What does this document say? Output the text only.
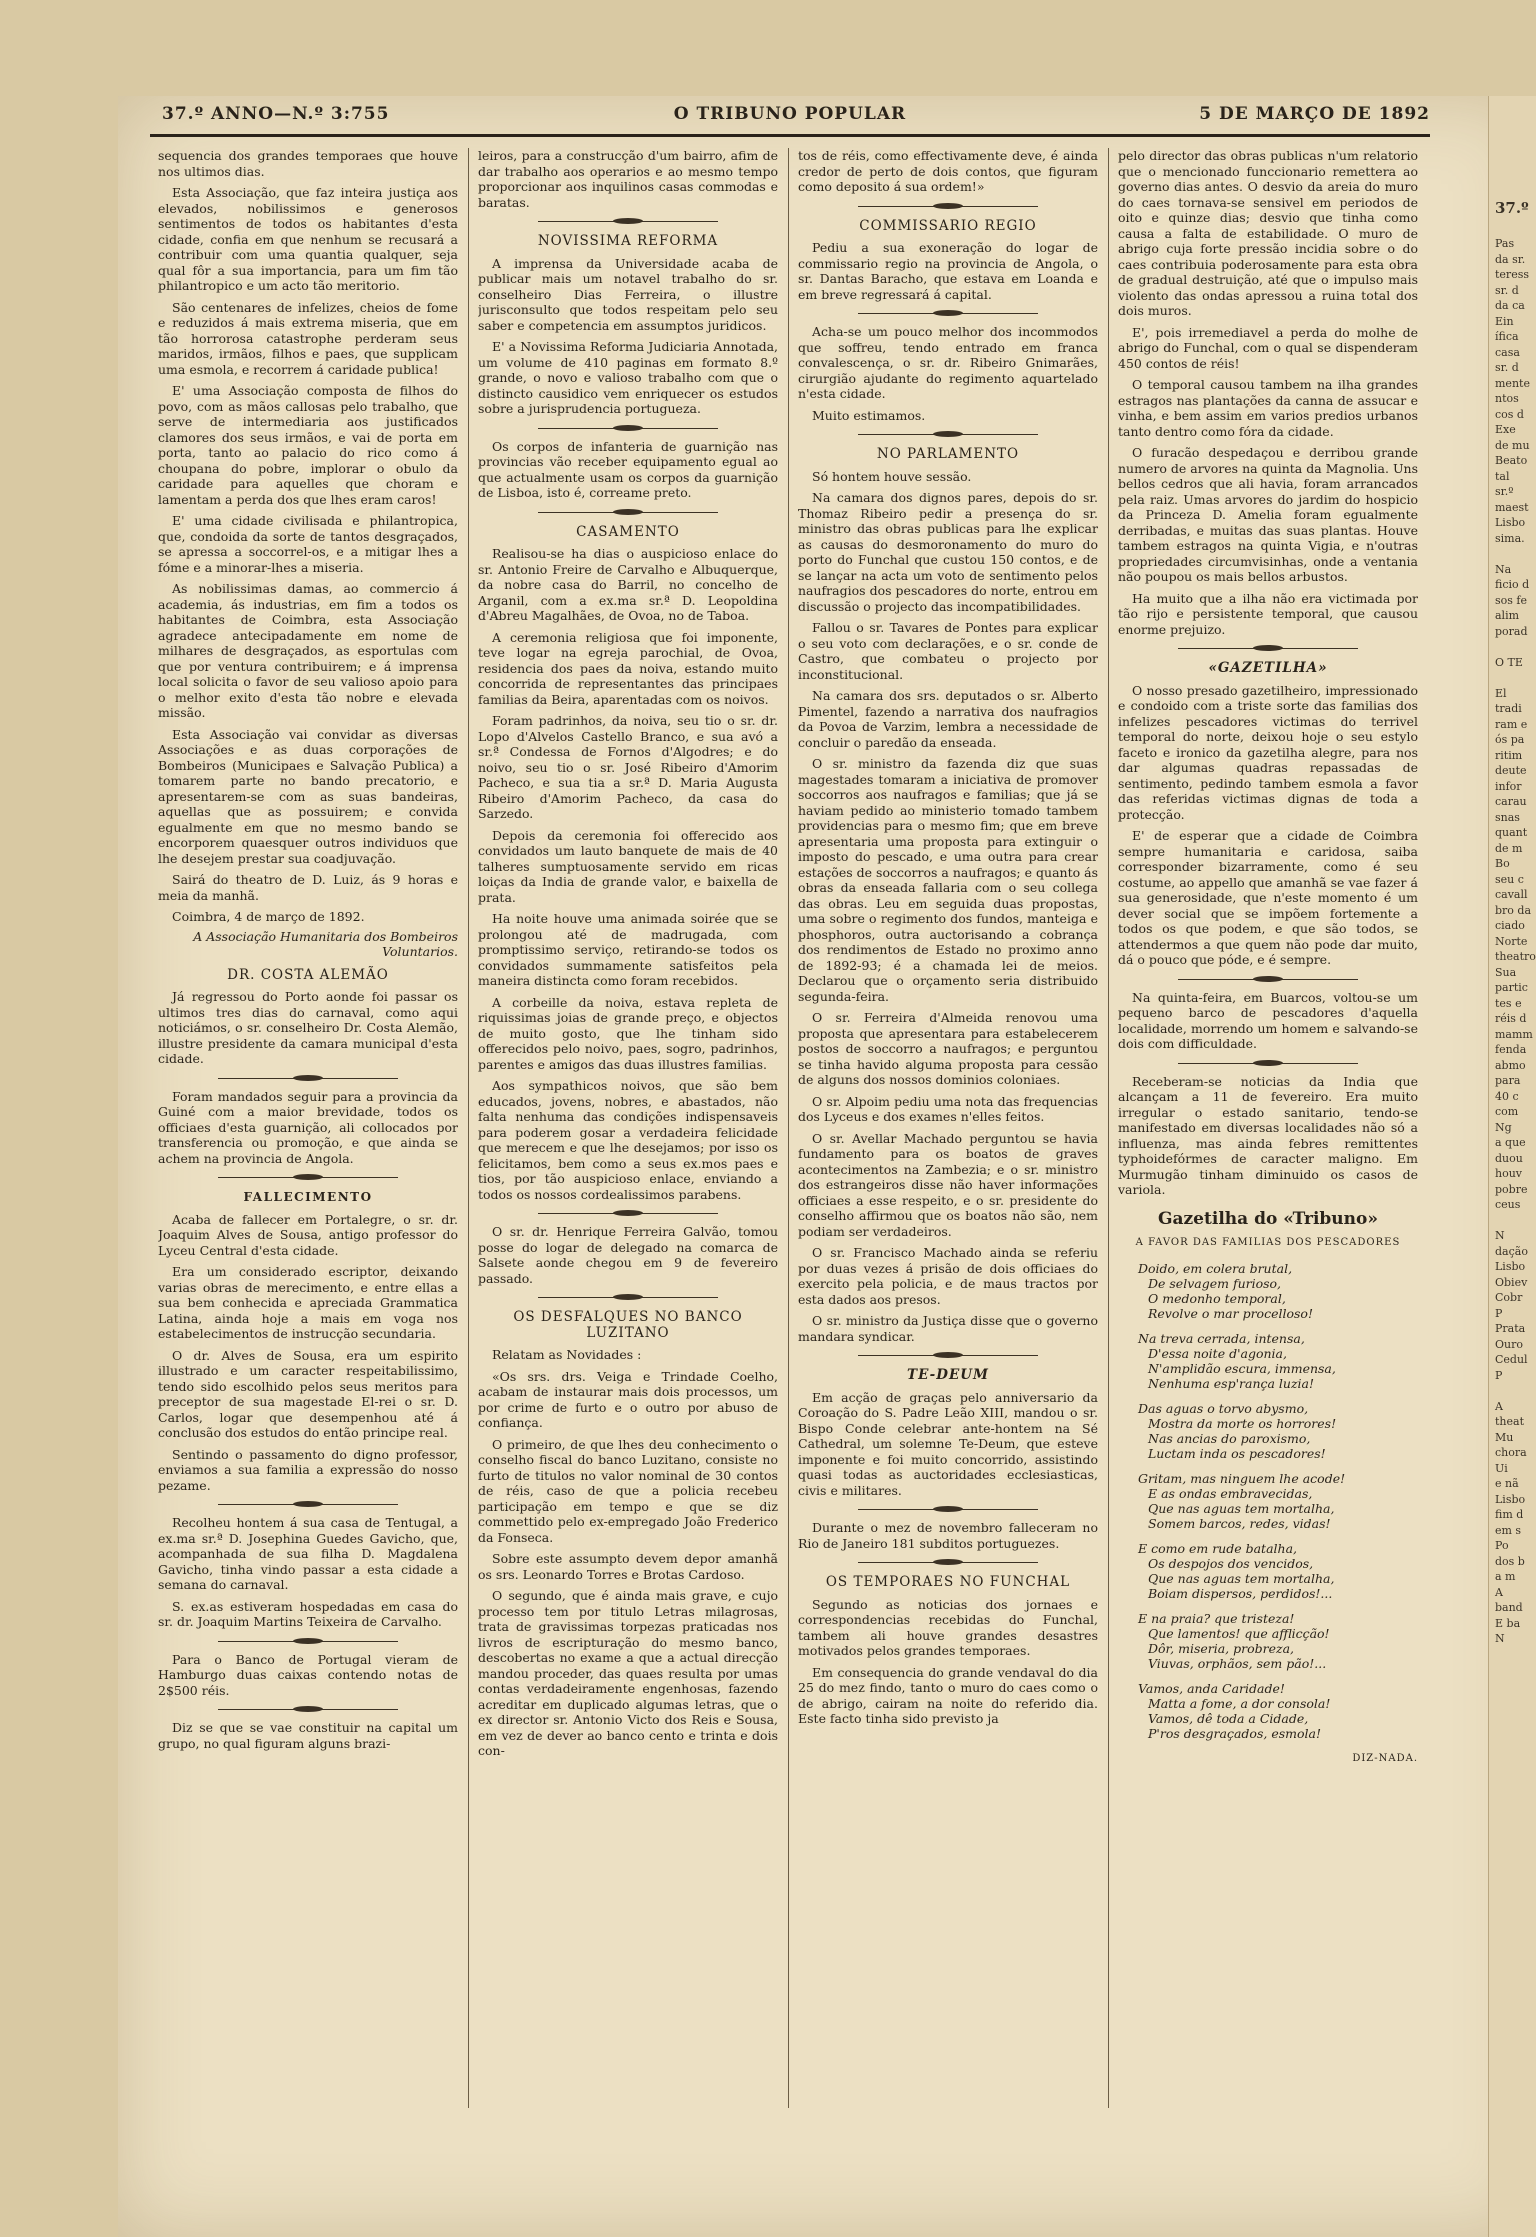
37.º
Pas
da sr.
teress
sr. d
da ca
Ein
ífica
casa
sr. d
mente
ntos
cos d
Exe
de mu
Beato
tal
sr.º
maest
Lisbo
sima.
Na
ficio d
sos fe
alim
porad
O TE
El
tradi
ram e
ós pa
ritim
deute
infor
carau
snas
quant
de m
Bo
seu c
cavall
bro da
ciado
Norte
theatro
Sua
partic
tes e
réis d
mamm
fenda
abmo
para
40 c
com
Ng
a que
duou
houv
pobre
ceus
N
dação
Lisbo
Obiev
Cobr
P
Prata
Ouro
Cedul
P
A
theat
Mu
chora
Ui
e nã
Lisbo
fim d
em s
Po
dos b
a m
A
band
E ba
N
37.º ANNO—N.º 3:755	O TRIBUNO POPULAR	5 DE MARÇO DE 1892

sequencia dos grandes temporaes que houve nos ultimos dias.

Esta Associação, que faz inteira justiça aos elevados, nobilissimos e generosos sentimentos de todos os habitantes d'esta cidade, confia em que nenhum se recusará a contribuir com uma quantia qualquer, seja qual fôr a sua importancia, para um fim tão philantropico e um acto tão meritorio.

São centenares de infelizes, cheios de fome e reduzidos á mais extrema miseria, que em tão horrorosa catastrophe perderam seus maridos, irmãos, filhos e paes, que supplicam uma esmola, e recorrem á caridade publica!

E' uma Associação composta de filhos do povo, com as mãos callosas pelo trabalho, que serve de intermediaria aos justificados clamores dos seus irmãos, e vai de porta em porta, tanto ao palacio do rico como á choupana do pobre, implorar o obulo da caridade para aquelles que choram e lamentam a perda dos que lhes eram caros!

E' uma cidade civilisada e philantropica, que, condoida da sorte de tantos desgraçados, se apressa a soccorrel-os, e a mitigar lhes a fóme e a minorar-lhes a miseria.

As nobilissimas damas, ao commercio á academia, ás industrias, em fim a todos os habitantes de Coimbra, esta Associação agradece antecipadamente em nome de milhares de desgraçados, as esportulas com que por ventura contribuirem; e á imprensa local solicita o favor de seu valioso apoio para o melhor exito d'esta tão nobre e elevada missão.

Esta Associação vai convidar as diversas Associações e as duas corporações de Bombeiros (Municipaes e Salvação Publica) a tomarem parte no bando precatorio, e apresentarem-se com as suas bandeiras, aquellas que as possuirem; e convida egualmente em que no mesmo bando se encorporem quaesquer outros individuos que lhe desejem prestar sua coadjuvação.

Sairá do theatro de D. Luiz, ás 9 horas e meia da manhã.

Coimbra, 4 de março de 1892.
A Associação Humanitaria dos Bombeiros Voluntarios.
DR. COSTA ALEMÃO

Já regressou do Porto aonde foi passar os ultimos tres dias do carnaval, como aqui noticiámos, o sr. conselheiro Dr. Costa Alemão, illustre presidente da camara municipal d'esta cidade.

Foram mandados seguir para a provincia da Guiné com a maior brevidade, todos os officiaes d'esta guarnição, ali collocados por transferencia ou promoção, e que ainda se achem na provincia de Angola.

FALLECIMENTO

Acaba de fallecer em Portalegre, o sr. dr. Joaquim Alves de Sousa, antigo professor do Lyceu Central d'esta cidade.

Era um considerado escriptor, deixando varias obras de merecimento, e entre ellas a sua bem conhecida e apreciada Grammatica Latina, ainda hoje a mais em voga nos estabelecimentos de instrucção secundaria.

O dr. Alves de Sousa, era um espirito illustrado e um caracter respeitabilissimo, tendo sido escolhido pelos seus meritos para preceptor de sua magestade El-rei o sr. D. Carlos, logar que desempenhou até á conclusão dos estudos do então principe real.

Sentindo o passamento do digno professor, enviamos a sua familia a expressão do nosso pezame.

Recolheu hontem á sua casa de Tentugal, a ex.ma sr.ª D. Josephina Guedes Gavicho, que, acompanhada de sua filha D. Magdalena Gavicho, tinha vindo passar a esta cidade a semana do carnaval.

S. ex.as estiveram hospedadas em casa do sr. dr. Joaquim Martins Teixeira de Carvalho.

Para o Banco de Portugal vieram de Hamburgo duas caixas contendo notas de 2$500 réis.

Diz se que se vae constituir na capital um grupo, no qual figuram alguns brazi-

leiros, para a construcção d'um bairro, afim de dar trabalho aos operarios e ao mesmo tempo proporcionar aos inquilinos casas commodas e baratas.

NOVISSIMA REFORMA

A imprensa da Universidade acaba de publicar mais um notavel trabalho do sr. conselheiro Dias Ferreira, o illustre jurisconsulto que todos respeitam pelo seu saber e competencia em assumptos juridicos.

E' a Novissima Reforma Judiciaria Annotada, um volume de 410 paginas em formato 8.º grande, o novo e valioso trabalho com que o distincto causidico vem enriquecer os estudos sobre a jurisprudencia portugueza.

Os corpos de infanteria de guarnição nas provincias vão receber equipamento egual ao que actualmente usam os corpos da guarnição de Lisboa, isto é, correame preto.

CASAMENTO

Realisou-se ha dias o auspicioso enlace do sr. Antonio Freire de Carvalho e Albuquerque, da nobre casa do Barril, no concelho de Arganil, com a ex.ma sr.ª D. Leopoldina d'Abreu Magalhães, de Ovoa, no de Taboa.

A ceremonia religiosa que foi imponente, teve logar na egreja parochial, de Ovoa, residencia dos paes da noiva, estando muito concorrida de representantes das principaes familias da Beira, aparentadas com os noivos.

Foram padrinhos, da noiva, seu tio o sr. dr. Lopo d'Alvelos Castello Branco, e sua avó a sr.ª Condessa de Fornos d'Algodres; e do noivo, seu tio o sr. José Ribeiro d'Amorim Pacheco, e sua tia a sr.ª D. Maria Augusta Ribeiro d'Amorim Pacheco, da casa do Sarzedo.

Depois da ceremonia foi offerecido aos convidados um lauto banquete de mais de 40 talheres sumptuosamente servido em ricas loiças da India de grande valor, e baixella de prata.

Ha noite houve uma animada soirée que se prolongou até de madrugada, com promptissimo serviço, retirando-se todos os convidados summamente satisfeitos pela maneira distincta como foram recebidos.

A corbeille da noiva, estava repleta de riquissimas joias de grande preço, e objectos de muito gosto, que lhe tinham sido offerecidos pelo noivo, paes, sogro, padrinhos, parentes e amigos das duas illustres familias.

Aos sympathicos noivos, que são bem educados, jovens, nobres, e abastados, não falta nenhuma das condições indispensaveis para poderem gosar a verdadeira felicidade que merecem e que lhe desejamos; por isso os felicitamos, bem como a seus ex.mos paes e tios, por tão auspicioso enlace, enviando a todos os nossos cordealissimos parabens.

O sr. dr. Henrique Ferreira Galvão, tomou posse do logar de delegado na comarca de Salsete aonde chegou em 9 de fevereiro passado.

OS DESFALQUES NO BANCO LUZITANO

Relatam as Novidades :

«Os srs. drs. Veiga e Trindade Coelho, acabam de instaurar mais dois processos, um por crime de furto e o outro por abuso de confiança.

O primeiro, de que lhes deu conhecimento o conselho fiscal do banco Luzitano, consiste no furto de titulos no valor nominal de 30 contos de réis, caso de que a policia recebeu participação em tempo e que se diz commettido pelo ex-empregado João Frederico da Fonseca.

Sobre este assumpto devem depor amanhã os srs. Leonardo Torres e Brotas Cardoso.

O segundo, que é ainda mais grave, e cujo processo tem por titulo Letras milagrosas, trata de gravissimas torpezas praticadas nos livros de escripturação do mesmo banco, descobertas no exame a que a actual direcção mandou proceder, das quaes resulta por umas contas verdadeiramente engenhosas, fazendo acreditar em duplicado algumas letras, que o ex director sr. Antonio Victo dos Reis e Sousa, em vez de dever ao banco cento e trinta e dois con-

tos de réis, como effectivamente deve, é ainda credor de perto de dois contos, que figuram como deposito á sua ordem!»

COMMISSARIO REGIO

Pediu a sua exoneração do logar de commissario regio na provincia de Angola, o sr. Dantas Baracho, que estava em Loanda e em breve regressará á capital.

Acha-se um pouco melhor dos incommodos que soffreu, tendo entrado em franca convalescença, o sr. dr. Ribeiro Gnimarães, cirurgião ajudante do regimento aquartelado n'esta cidade.

Muito estimamos.

NO PARLAMENTO

Só hontem houve sessão.

Na camara dos dignos pares, depois do sr. Thomaz Ribeiro pedir a presença do sr. ministro das obras publicas para lhe explicar as causas do desmoronamento do muro do porto do Funchal que custou 150 contos, e de se lançar na acta um voto de sentimento pelos naufragios dos pescadores do norte, entrou em discussão o projecto das incompatibilidades.

Fallou o sr. Tavares de Pontes para explicar o seu voto com declarações, e o sr. conde de Castro, que combateu o projecto por inconstitucional.

Na camara dos srs. deputados o sr. Alberto Pimentel, fazendo a narrativa dos naufragios da Povoa de Varzim, lembra a necessidade de concluir o paredão da enseada.

O sr. ministro da fazenda diz que suas magestades tomaram a iniciativa de promover soccorros aos naufragos e familias; que já se haviam pedido ao ministerio tomado tambem providencias para o mesmo fim; que em breve apresentaria uma proposta para extinguir o imposto do pescado, e uma outra para crear estações de soccorros a naufragos; e quanto ás obras da enseada fallaria com o seu collega das obras. Leu em seguida duas propostas, uma sobre o regimento dos fundos, manteiga e phosphoros, outra auctorisando a cobrança dos rendimentos de Estado no proximo anno de 1892-93; é a chamada lei de meios. Declarou que o orçamento seria distribuido segunda-feira.

O sr. Ferreira d'Almeida renovou uma proposta que apresentara para estabelecerem postos de soccorro a naufragos; e perguntou se tinha havido alguma proposta para cessão de alguns dos nossos dominios coloniaes.

O sr. Alpoim pediu uma nota das frequencias dos Lyceus e dos exames n'elles feitos.

O sr. Avellar Machado perguntou se havia fundamento para os boatos de graves acontecimentos na Zambezia; e o sr. ministro dos estrangeiros disse não haver informações officiaes a esse respeito, e o sr. presidente do conselho affirmou que os boatos não são, nem podiam ser verdadeiros.

O sr. Francisco Machado ainda se referiu por duas vezes á prisão de dois officiaes do exercito pela policia, e de maus tractos por esta dados aos presos.

O sr. ministro da Justiça disse que o governo mandara syndicar.

TE-DEUM

Em acção de graças pelo anniversario da Coroação do S. Padre Leão XIII, mandou o sr. Bispo Conde celebrar ante-hontem na Sé Cathedral, um solemne Te-Deum, que esteve imponente e foi muito concorrido, assistindo quasi todas as auctoridades ecclesiasticas, civis e militares.

Durante o mez de novembro falleceram no Rio de Janeiro 181 subditos portuguezes.

OS TEMPORAES NO FUNCHAL

Segundo as noticias dos jornaes e correspondencias recebidas do Funchal, tambem ali houve grandes desastres motivados pelos grandes temporaes.

Em consequencia do grande vendaval do dia 25 do mez findo, tanto o muro do caes como o de abrigo, cairam na noite do referido dia. Este facto tinha sido previsto ja

pelo director das obras publicas n'um relatorio que o mencionado funccionario remettera ao governo dias antes. O desvio da areia do muro do caes tornava-se sensivel em periodos de oito e quinze dias; desvio que tinha como causa a falta de estabilidade. O muro de abrigo cuja forte pressão incidia sobre o do caes contribuia poderosamente para esta obra de gradual destruição, até que o impulso mais violento das ondas apressou a ruina total dos dois muros.

E', pois irremediavel a perda do molhe de abrigo do Funchal, com o qual se dispenderam 450 contos de réis!

O temporal causou tambem na ilha grandes estragos nas plantações da canna de assucar e vinha, e bem assim em varios predios urbanos tanto dentro como fóra da cidade.

O furacão despedaçou e derribou grande numero de arvores na quinta da Magnolia. Uns bellos cedros que ali havia, foram arrancados pela raiz. Umas arvores do jardim do hospicio da Princeza D. Amelia foram egualmente derribadas, e muitas das suas plantas. Houve tambem estragos na quinta Vigia, e n'outras propriedades circumvisinhas, onde a ventania não poupou os mais bellos arbustos.

Ha muito que a ilha não era victimada por tão rijo e persistente temporal, que causou enorme prejuizo.

«GAZETILHA»

O nosso presado gazetilheiro, impressionado e condoido com a triste sorte das familias dos infelizes pescadores victimas do terrivel temporal do norte, deixou hoje o seu estylo faceto e ironico da gazetilha alegre, para nos dar algumas quadras repassadas de sentimento, pedindo tambem esmola a favor das referidas victimas dignas de toda a protecção.

E' de esperar que a cidade de Coimbra sempre humanitaria e caridosa, saiba corresponder bizarramente, como é seu costume, ao appello que amanhã se vae fazer á sua generosidade, que n'este momento é um dever social que se impõem fortemente a todos os que podem, e que são todos, se attendermos a que quem não pode dar muito, dá o pouco que póde, e é sempre.

Na quinta-feira, em Buarcos, voltou-se um pequeno barco de pescadores d'aquella localidade, morrendo um homem e salvando-se dois com difficuldade.

Receberam-se noticias da India que alcançam a 11 de fevereiro. Era muito irregular o estado sanitario, tendo-se manifestado em diversas localidades não só a influenza, mas ainda febres remittentes typhoidefórmes de caracter maligno. Em Murmugão tinham diminuido os casos de variola.

Gazetilha do «Tribuno»
A FAVOR DAS FAMILIAS DOS PESCADORES
Doido, em colera brutal,
De selvagem furioso,
O medonho temporal,
Revolve o mar procelloso!
Na treva cerrada, intensa,
D'essa noite d'agonia,
N'amplidão escura, immensa,
Nenhuma esp'rança luzia!
Das aguas o torvo abysmo,
Mostra da morte os horrores!
Nas ancias do paroxismo,
Luctam inda os pescadores!
Gritam, mas ninguem lhe acode!
E as ondas embravecidas,
Que nas aguas tem mortalha,
Somem barcos, redes, vidas!
E como em rude batalha,
Os despojos dos vencidos,
Que nas aguas tem mortalha,
Boiam dispersos, perdidos!...
E na praia? que tristeza!
Que lamentos! que afflicção!
Dôr, miseria, probreza,
Viuvas, orphãos, sem pão!...
Vamos, anda Caridade!
Matta a fome, a dor consola!
Vamos, dê toda a Cidade,
P'ros desgraçados, esmola!
DIZ-NADA.
